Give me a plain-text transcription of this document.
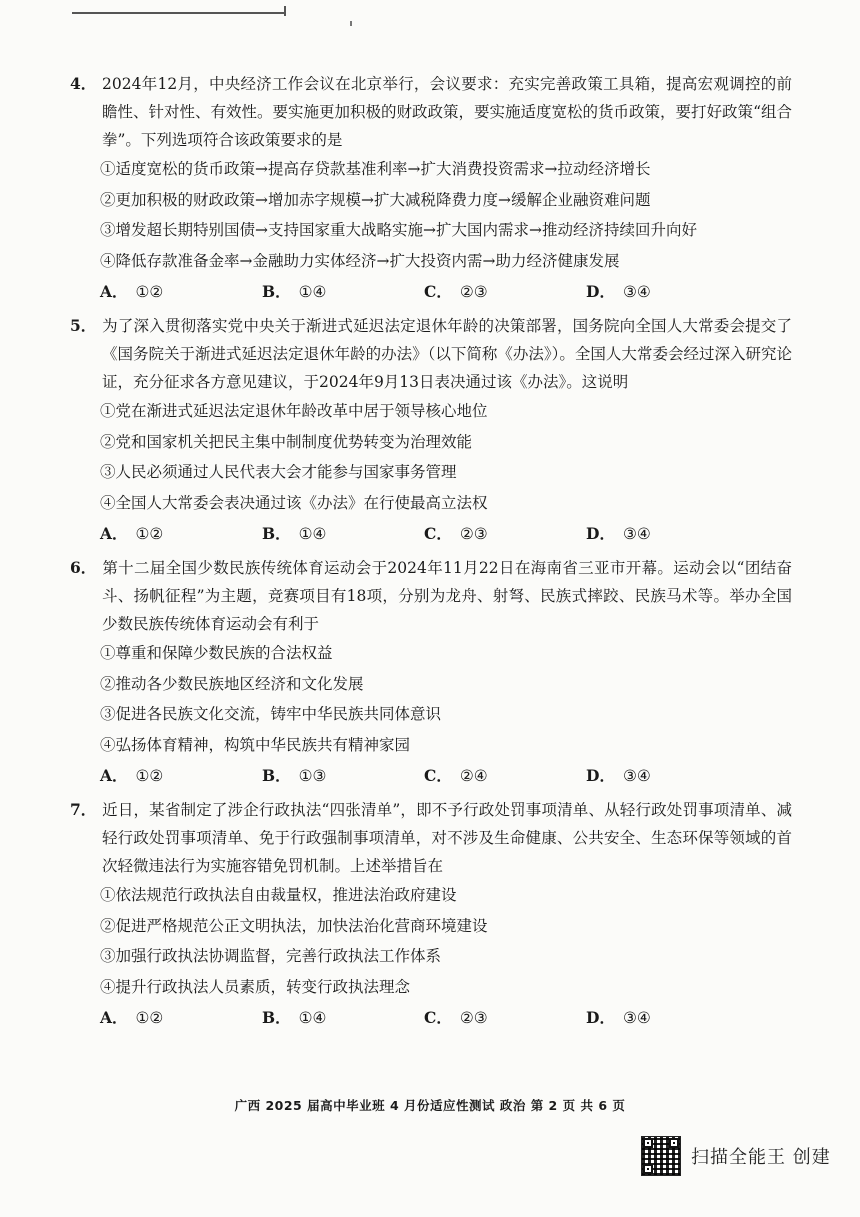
4． 2024年12月，中央经济工作会议在北京举行，会议要求：充实完善政策工具箱，提高宏观调控的前瞻性、针对性、有效性。要实施更加积极的财政政策，要实施适度宽松的货币政策，要打好政策“组合拳”。下列选项符合该政策要求的是
①适度宽松的货币政策→提高存贷款基准利率→扩大消费投资需求→拉动经济增长
②更加积极的财政政策→增加赤字规模→扩大减税降费力度→缓解企业融资难问题
③增发超长期特别国债→支持国家重大战略实施→扩大国内需求→推动经济持续回升向好
④降低存款准备金率→金融助力实体经济→扩大投资内需→助力经济健康发展
A． ①②	B． ①④	C． ②③	D． ③④
5． 为了深入贯彻落实党中央关于渐进式延迟法定退休年龄的决策部署，国务院向全国人大常委会提交了《国务院关于渐进式延迟法定退休年龄的办法》（以下简称《办法》）。全国人大常委会经过深入研究论证，充分征求各方意见建议，于2024年9月13日表决通过该《办法》。这说明
①党在渐进式延迟法定退休年龄改革中居于领导核心地位
②党和国家机关把民主集中制制度优势转变为治理效能
③人民必须通过人民代表大会才能参与国家事务管理
④全国人大常委会表决通过该《办法》在行使最高立法权
A． ①②	B． ①④	C． ②③	D． ③④
6． 第十二届全国少数民族传统体育运动会于2024年11月22日在海南省三亚市开幕。运动会以“团结奋斗、扬帆征程”为主题，竞赛项目有18项，分别为龙舟、射弩、民族式摔跤、民族马术等。举办全国少数民族传统体育运动会有利于
①尊重和保障少数民族的合法权益
②推动各少数民族地区经济和文化发展
③促进各民族文化交流，铸牢中华民族共同体意识
④弘扬体育精神，构筑中华民族共有精神家园
A． ①②	B． ①③	C． ②④	D． ③④
7． 近日，某省制定了涉企行政执法“四张清单”，即不予行政处罚事项清单、从轻行政处罚事项清单、减轻行政处罚事项清单、免于行政强制事项清单，对不涉及生命健康、公共安全、生态环保等领域的首次轻微违法行为实施容错免罚机制。上述举措旨在
①依法规范行政执法自由裁量权，推进法治政府建设
②促进严格规范公正文明执法，加快法治化营商环境建设
③加强行政执法协调监督，完善行政执法工作体系
④提升行政执法人员素质，转变行政执法理念
A． ①②	B． ①④	C． ②③	D． ③④
广西 2025 届高中毕业班 4 月份适应性测试 政治 第 2 页 共 6 页
扫描全能王 创建
